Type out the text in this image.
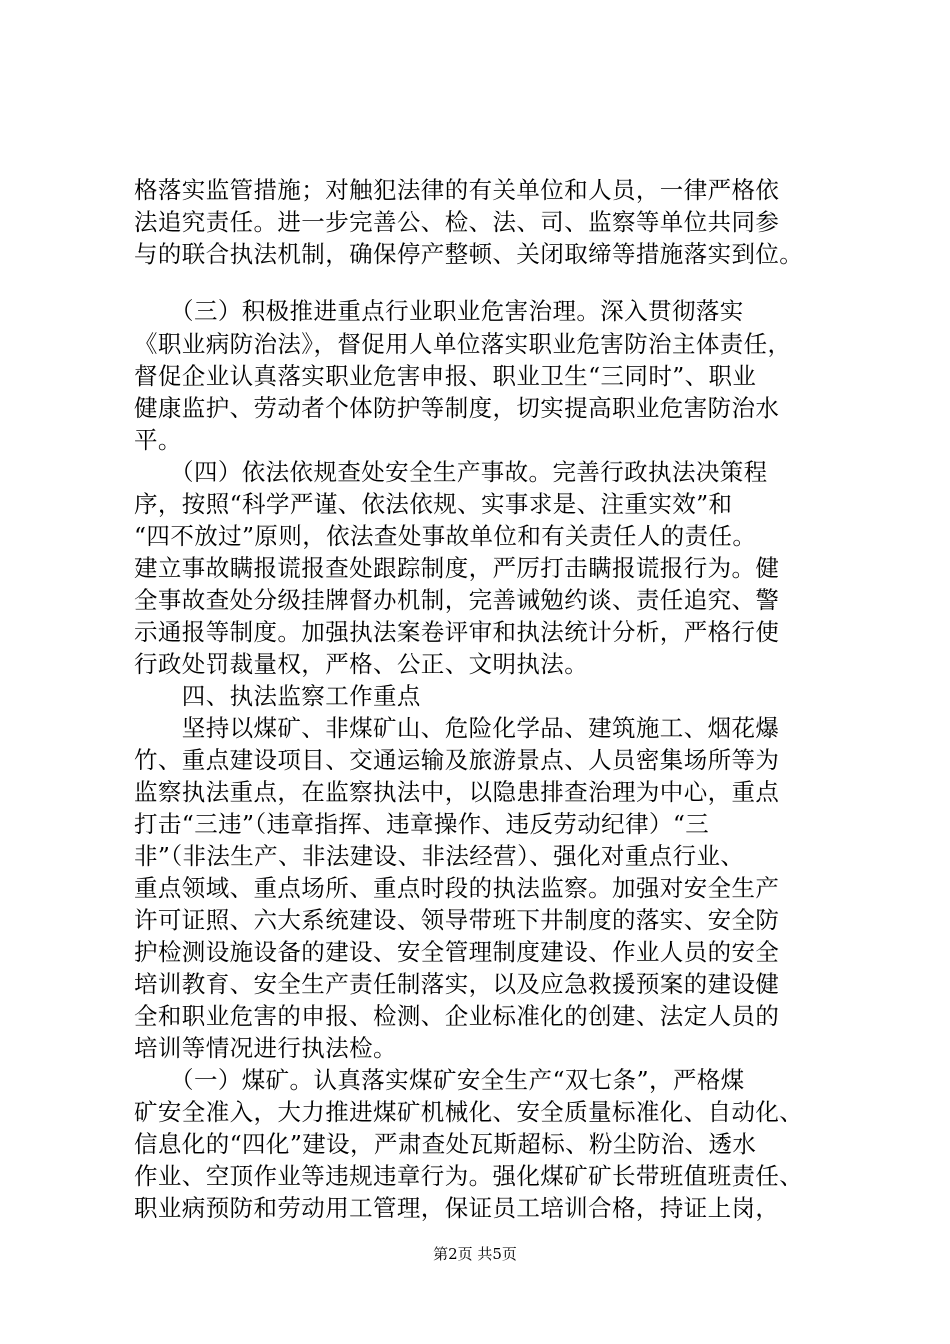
格落实监管措施；对触犯法律的有关单位和人员，一律严格依
法追究责任。进一步完善公、检、法、司、监察等单位共同参
与的联合执法机制，确保停产整顿、关闭取缔等措施落实到位。
　　（三）积极推进重点行业职业危害治理。深入贯彻落实
《职业病防治法》，督促用人单位落实职业危害防治主体责任，
督促企业认真落实职业危害申报、职业卫生“三同时”、职业
健康监护、劳动者个体防护等制度，切实提高职业危害防治水
平。
　　（四）依法依规查处安全生产事故。完善行政执法决策程
序，按照“科学严谨、依法依规、实事求是、注重实效”和
“四不放过”原则，依法查处事故单位和有关责任人的责任。
建立事故瞒报谎报查处跟踪制度，严厉打击瞒报谎报行为。健
全事故查处分级挂牌督办机制，完善诫勉约谈、责任追究、警
示通报等制度。加强执法案卷评审和执法统计分析，严格行使
行政处罚裁量权，严格、公正、文明执法。
　　四、执法监察工作重点
　　坚持以煤矿、非煤矿山、危险化学品、建筑施工、烟花爆
竹、重点建设项目、交通运输及旅游景点、人员密集场所等为
监察执法重点，在监察执法中，以隐患排查治理为中心，重点
打击“三违”（违章指挥、违章操作、违反劳动纪律）“三
非”（非法生产、非法建设、非法经营）、强化对重点行业、
重点领域、重点场所、重点时段的执法监察。加强对安全生产
许可证照、六大系统建设、领导带班下井制度的落实、安全防
护检测设施设备的建设、安全管理制度建设、作业人员的安全
培训教育、安全生产责任制落实，以及应急救援预案的建设健
全和职业危害的申报、检测、企业标准化的创建、法定人员的
培训等情况进行执法检。
　　（一）煤矿。认真落实煤矿安全生产“双七条”，严格煤
矿安全准入，大力推进煤矿机械化、安全质量标准化、自动化、
信息化的“四化”建设，严肃查处瓦斯超标、粉尘防治、透水
作业、空顶作业等违规违章行为。强化煤矿矿长带班值班责任、
职业病预防和劳动用工管理，保证员工培训合格，持证上岗，
第2页 共5页
